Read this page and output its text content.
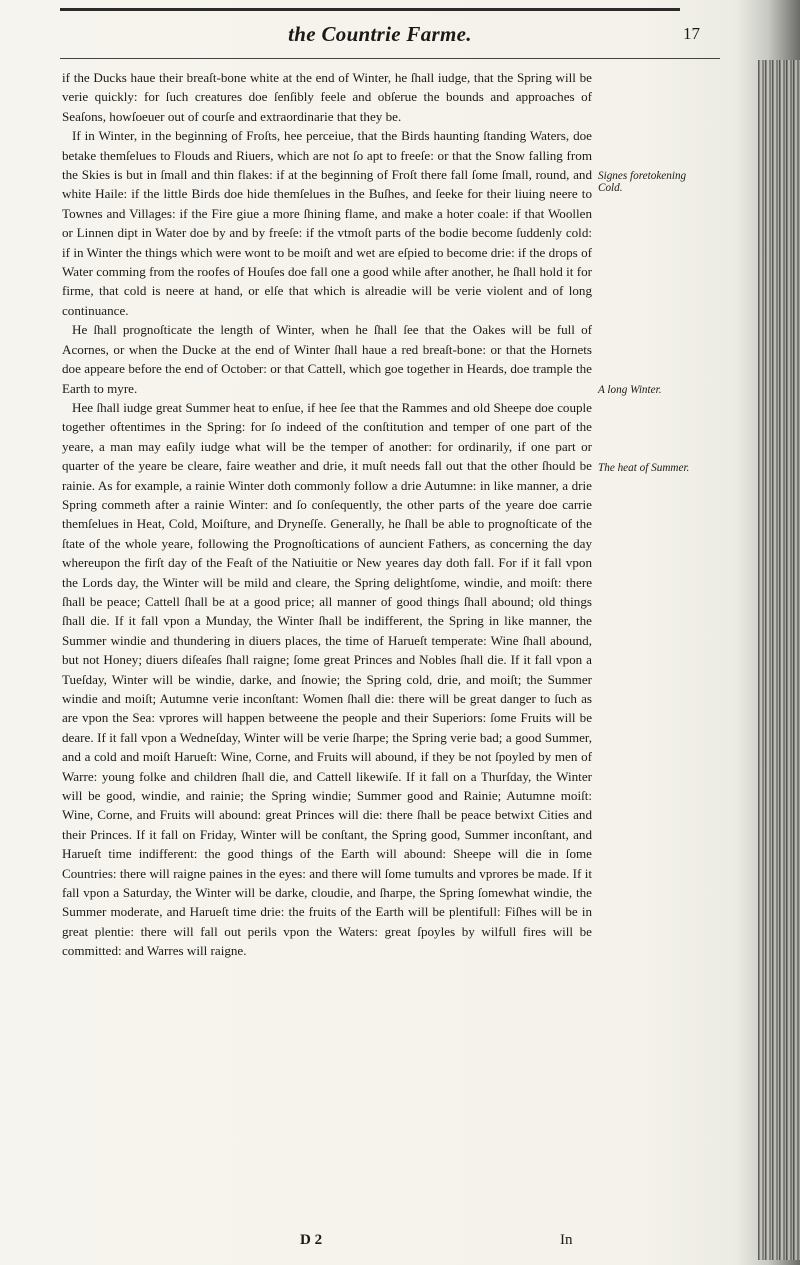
the Countrie Farme.	17

if the Ducks haue their breaſt-bone white at the end of Winter, he ſhall iudge, that the Spring will be verie quickly: for ſuch creatures doe ſenſibly feele and obſerue the bounds and approaches of Seaſons, howſoeuer out of courſe and extraordinarie that they be.

If in Winter, in the beginning of Froſts, hee perceiue, that the Birds haunting ſtanding Waters, doe betake themſelues to Flouds and Riuers, which are not ſo apt to freeſe: or that the Snow falling from the Skies is but in ſmall and thin flakes: if at the beginning of Froſt there fall ſome ſmall, round, and white Haile: if the little Birds doe hide themſelues in the Buſhes, and ſeeke for their liuing neere to Townes and Villages: if the Fire giue a more ſhining flame, and make a hoter coale: if that Woollen or Linnen dipt in Water doe by and by freeſe: if the vtmoſt parts of the bodie become ſuddenly cold: if in Winter the things which were wont to be moiſt and wet are eſpied to become drie: if the drops of Water comming from the roofes of Houſes doe fall one a good while after another, he ſhall hold it for firme, that cold is neere at hand, or elſe that which is alreadie will be verie violent and of long continuance.

He ſhall prognoſticate the length of Winter, when he ſhall ſee that the Oakes will be full of Acornes, or when the Ducke at the end of Winter ſhall haue a red breaſt-bone: or that the Hornets doe appeare before the end of October: or that Cattell, which goe together in Heards, doe trample the Earth to myre.

Hee ſhall iudge great Summer heat to enſue, if hee ſee that the Rammes and old Sheepe doe couple together oftentimes in the Spring: for ſo indeed of the conſtitution and temper of one part of the yeare, a man may eaſily iudge what will be the temper of another: for ordinarily, if one part or quarter of the yeare be cleare, faire weather and drie, it muſt needs fall out that the other ſhould be rainie. As for example, a rainie Winter doth commonly follow a drie Autumne: in like manner, a drie Spring commeth after a rainie Winter: and ſo conſequently, the other parts of the yeare doe carrie themſelues in Heat, Cold, Moiſture, and Dryneſſe. Generally, he ſhall be able to prognoſticate of the ſtate of the whole yeare, following the Prognoſtications of auncient Fathers, as concerning the day whereupon the firſt day of the Feaſt of the Natiuitie or New yeares day doth fall. For if it fall vpon the Lords day, the Winter will be mild and cleare, the Spring delightſome, windie, and moiſt: there ſhall be peace; Cattell ſhall be at a good price; all manner of good things ſhall abound; old things ſhall die. If it fall vpon a Munday, the Winter ſhall be indifferent, the Spring in like manner, the Summer windie and thundering in diuers places, the time of Harueſt temperate: Wine ſhall abound, but not Honey; diuers diſeaſes ſhall raigne; ſome great Princes and Nobles ſhall die. If it fall vpon a Tueſday, Winter will be windie, darke, and ſnowie; the Spring cold, drie, and moiſt; the Summer windie and moiſt; Autumne verie inconſtant: Women ſhall die: there will be great danger to ſuch as are vpon the Sea: vprores will happen betweene the people and their Superiors: ſome Fruits will be deare. If it fall vpon a Wedneſday, Winter will be verie ſharpe; the Spring verie bad; a good Summer, and a cold and moiſt Harueſt: Wine, Corne, and Fruits will abound, if they be not ſpoyled by men of Warre: young folke and children ſhall die, and Cattell likewiſe. If it fall on a Thurſday, the Winter will be good, windie, and rainie; the Spring windie; Summer good and Rainie; Autumne moiſt: Wine, Corne, and Fruits will abound: great Princes will die: there ſhall be peace betwixt Cities and their Princes. If it fall on Friday, Winter will be conſtant, the Spring good, Summer inconſtant, and Harueſt time indifferent: the good things of the Earth will abound: Sheepe will die in ſome Countries: there will raigne paines in the eyes: and there will ſome tumults and vprores be made. If it fall vpon a Saturday, the Winter will be darke, cloudie, and ſharpe, the Spring ſomewhat windie, the Summer moderate, and Harueſt time drie: the fruits of the Earth will be plentifull: Fiſhes will be in great plentie: there will fall out perils vpon the Waters: great ſpoyles by wilfull fires will be committed: and Warres will raigne.

Signes foretokening Cold.
A long Winter.
The heat of Summer.
D 2	In
